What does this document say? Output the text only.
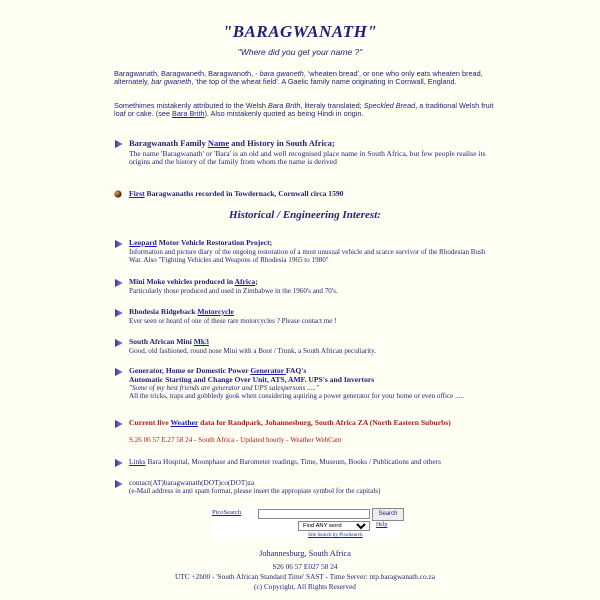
"BARAGWANATH"
"Where did you get your name ?"
Baragwanath, Baragwaneth, Baragwanoth, - bara gwaneth, 'wheaten bread', or one who only eats wheaten bread, alternately, bar gwaneth, 'the top of the wheat field'. A Gaelic family name originating in Cornwall, England.
Somethimes mistakenly attributed to the Welsh Bara Brith, literaly translated; Speckled Bread, a traditional Welsh fruit loaf or cake. (see Bara Brith). Also mistakenly quoted as being Hindi in origin.
Baragwanath Family Name and History in South Africa;
The name 'Baragwanath' or 'Bara' is an old and well recognised place name in South Africa, but few people realise its origins and the history of the family from whom the name is derived
First Baragwanaths recorded in Towdernack, Cornwall circa 1590
Historical / Engineering Interest:
Leopard Motor Vehicle Restoration Project;
Information and picture diary of the ongoing restoration of a most unusual vehicle and scarce survivor of the Rhodesian Bush War. Also "Fighting Vehicles and Weapons of Rhodesia 1965 to 1980"
Mini Moke vehicles produced in Africa;
Particularly those produced and used in Zimbabwe in the 1960's and 70's.
Rhodesia Ridgeback Motorcycle
Ever seen or heard of one of these rare motorcycles ? Please contact me !
South African Mini Mk3
Good, old fashioned, round nose Mini with a Boot / Trunk, a South African peculiarity.
Generator, Home or Domestic Power Generator FAQ's
Automatic Starting and Change Over Unit, ATS, AMF. UPS's and Invertors
"Some of my best friends are generator and UPS salespersons ....."
All the tricks, traps and gobbledy gook when considering aquiring a power generator for your home or even office .....
Current live Weather data for Randpark, Johannesburg, South Africa ZA (North Eastern Suburbs)
S.26 06 57 E.27 58 24 - South Africa - Updated hourly - Weather WebCam
Links Bara Hospital, Moonphase and Barometer readings, Time, Museum, Books / Publications and others
contact(AT)baragwanath(DOT)co(DOT)za
(e-Mail address in anti spam format, please insert the appropiate symbol for the capitals)
PicoSearch	Search
Find ANY word
Help
Site Search by PicoSearch
Johannesburg, South Africa
S26 06 57 E027 58 24
UTC +2h00 - 'South African Standard Time' SAST - Time Server: ntp.baragwanath.co.za
(c) Copyright, All Rights Reserved
